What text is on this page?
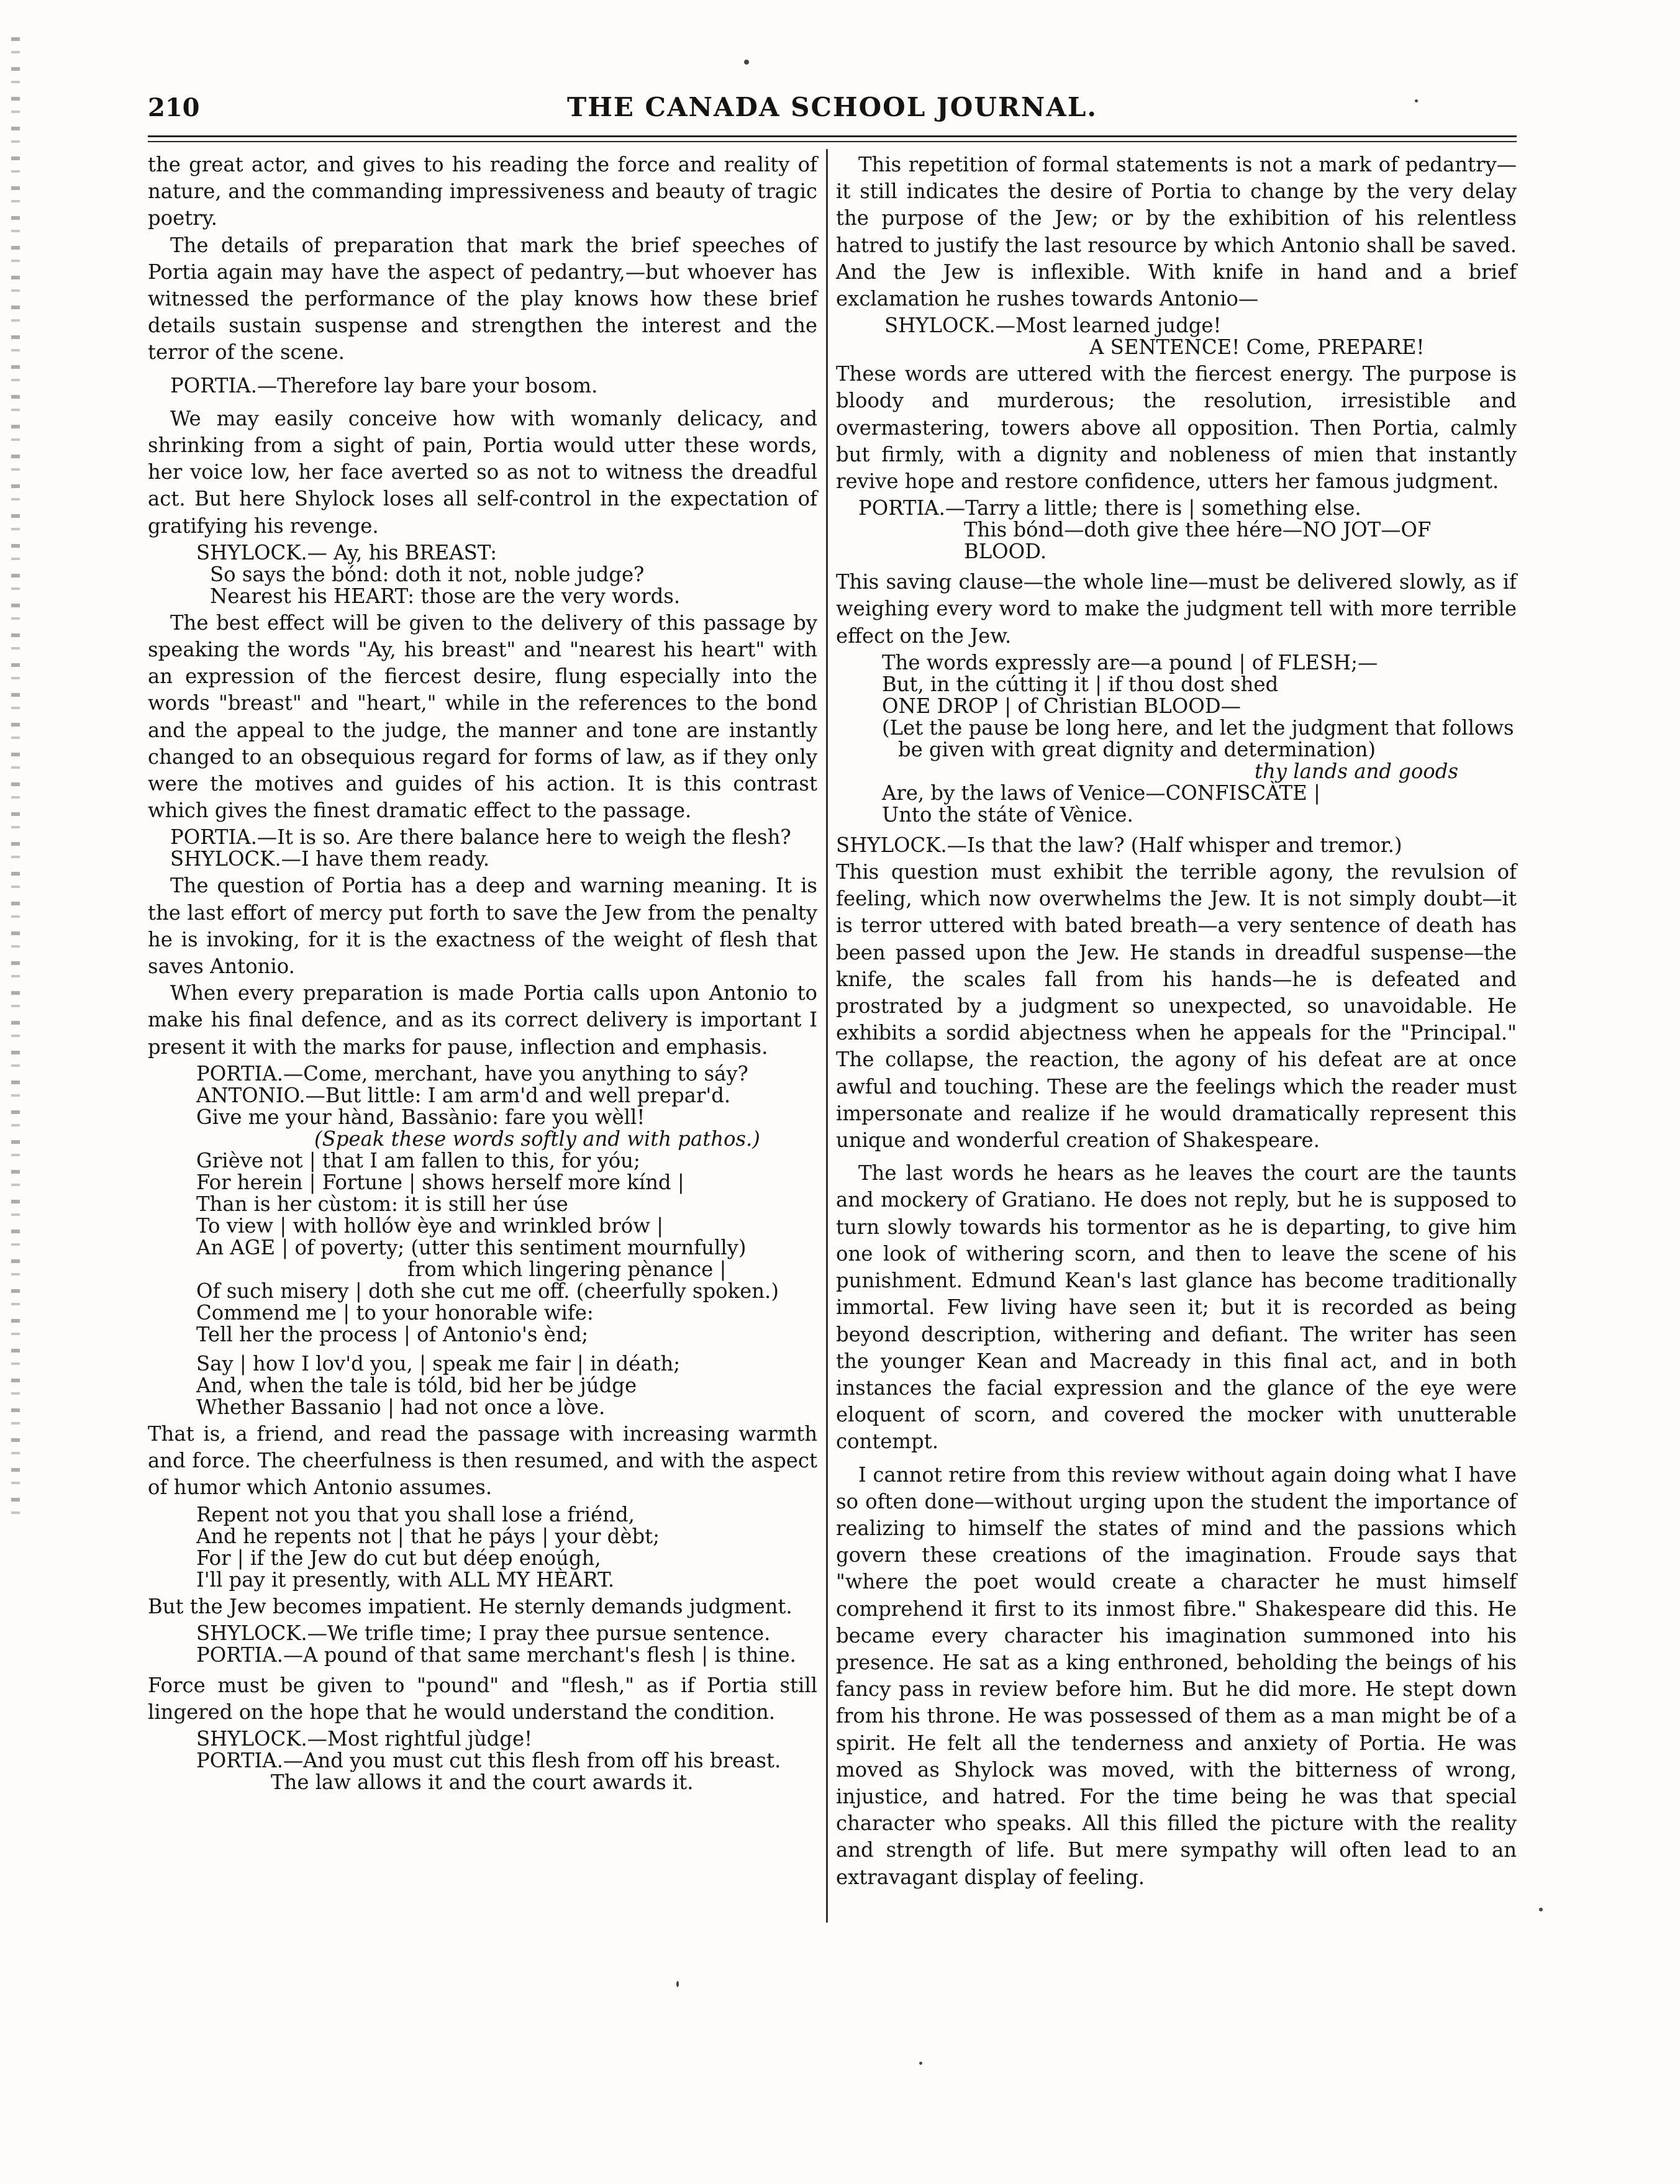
210	THE CANADA SCHOOL JOURNAL.

the great actor, and gives to his reading the force and reality of nature, and the commanding impressiveness and beauty of tragic poetry.

The details of preparation that mark the brief speeches of Portia again may have the aspect of pedantry,—but whoever has witnessed the performance of the play knows how these brief details sustain suspense and strengthen the interest and the terror of the scene.

PORTIA.—Therefore lay bare your bosom.

We may easily conceive how with womanly delicacy, and shrinking from a sight of pain, Portia would utter these words, her voice low, her face averted so as not to witness the dreadful act. But here Shylock loses all self-control in the expectation of gratifying his revenge.

SHYLOCK.— Ay, his BREAST:
So says the bónd: doth it not, noble judge?
Nearest his HEART: those are the very words.

The best effect will be given to the delivery of this passage by speaking the words "Ay, his breast" and "nearest his heart" with an expression of the fiercest desire, flung especially into the words "breast" and "heart," while in the references to the bond and the appeal to the judge, the manner and tone are instantly changed to an obsequious regard for forms of law, as if they only were the motives and guides of his action. It is this contrast which gives the finest dramatic effect to the passage.

PORTIA.—It is so. Are there balance here to weigh the flesh?
SHYLOCK.—I have them ready.

The question of Portia has a deep and warning meaning. It is the last effort of mercy put forth to save the Jew from the penalty he is invoking, for it is the exactness of the weight of flesh that saves Antonio.

When every preparation is made Portia calls upon Antonio to make his final defence, and as its correct delivery is important I present it with the marks for pause, inflection and emphasis.

PORTIA.—Come, merchant, have you anything to sáy?
ANTONIO.—But little: I am arm'd and well prepar'd.
Give me your hànd, Bassànio: fare you wèll!
(Speak these words softly and with pathos.)
Griève not | that I am fallen to this, for yóu;
For herein | Fortune | shows herself more kínd |
Than is her cùstom: it is still her úse
To view | with hollów èye and wrinkled brów |
An AGE | of poverty; (utter this sentiment mournfully)
from which lingering pènance |
Of such misery | doth she cut me off. (cheerfully spoken.)
Commend me | to your honorable wife:
Tell her the process | of Antonio's ènd;
Say | how I lov'd you, | speak me fair | in déath;
And, when the tale is tóld, bid her be júdge
Whether Bassanio | had not once a lòve.

That is, a friend, and read the passage with increasing warmth and force. The cheerfulness is then resumed, and with the aspect of humor which Antonio assumes.

Repent not you that you shall lose a friénd,
And he repents not | that he páys | your dèbt;
For | if the Jew do cut but déep enoúgh,
I'll pay it presently, with ALL MY HÈART.

But the Jew becomes impatient. He sternly demands judgment.

SHYLOCK.—We trifle time; I pray thee pursue sentence.
PORTIA.—A pound of that same merchant's flesh | is thine.

Force must be given to "pound" and "flesh," as if Portia still lingered on the hope that he would understand the condition.

SHYLOCK.—Most rightful jùdge!
PORTIA.—And you must cut this flesh from off his breast.
The law allows it and the court awards it.

This repetition of formal statements is not a mark of pedantry—it still indicates the desire of Portia to change by the very delay the purpose of the Jew; or by the exhibition of his relentless hatred to justify the last resource by which Antonio shall be saved. And the Jew is inflexible. With knife in hand and a brief exclamation he rushes towards Antonio—

SHYLOCK.—Most learned judge!
A SENTENCE! Come, PREPARE!

These words are uttered with the fiercest energy. The purpose is bloody and murderous; the resolution, irresistible and overmastering, towers above all opposition. Then Portia, calmly but firmly, with a dignity and nobleness of mien that instantly revive hope and restore confidence, utters her famous judgment.

PORTIA.—Tarry a little; there is | something else.
This bónd—doth give thee hére—NO JOT—OF BLOOD.

This saving clause—the whole line—must be delivered slowly, as if weighing every word to make the judgment tell with more terrible effect on the Jew.

The words expressly are—a pound | of FLESH;—
But, in the cútting it | if thou dost shed
ONE DROP | of Christian BLOOD—
(Let the pause be long here, and let the judgment that follows be given with great dignity and determination)
thy lands and goods
Are, by the laws of Venice—CONFISCÀTE |
Unto the státe of Vènice.

SHYLOCK.—Is that the law? (Half whisper and tremor.)

This question must exhibit the terrible agony, the revulsion of feeling, which now overwhelms the Jew. It is not simply doubt—it is terror uttered with bated breath—a very sentence of death has been passed upon the Jew. He stands in dreadful suspense—the knife, the scales fall from his hands—he is defeated and prostrated by a judgment so unexpected, so unavoidable. He exhibits a sordid abjectness when he appeals for the "Principal." The collapse, the reaction, the agony of his defeat are at once awful and touching. These are the feelings which the reader must impersonate and realize if he would dramatically represent this unique and wonderful creation of Shakespeare.

The last words he hears as he leaves the court are the taunts and mockery of Gratiano. He does not reply, but he is supposed to turn slowly towards his tormentor as he is departing, to give him one look of withering scorn, and then to leave the scene of his punishment. Edmund Kean's last glance has become traditionally immortal. Few living have seen it; but it is recorded as being beyond description, withering and defiant. The writer has seen the younger Kean and Macready in this final act, and in both instances the facial expression and the glance of the eye were eloquent of scorn, and covered the mocker with unutterable contempt.

I cannot retire from this review without again doing what I have so often done—without urging upon the student the importance of realizing to himself the states of mind and the passions which govern these creations of the imagination. Froude says that "where the poet would create a character he must himself comprehend it first to its inmost fibre." Shakespeare did this. He became every character his imagination summoned into his presence. He sat as a king enthroned, beholding the beings of his fancy pass in review before him. But he did more. He stept down from his throne. He was possessed of them as a man might be of a spirit. He felt all the tenderness and anxiety of Portia. He was moved as Shylock was moved, with the bitterness of wrong, injustice, and hatred. For the time being he was that special character who speaks. All this filled the picture with the reality and strength of life. But mere sympathy will often lead to an extravagant display of feeling.
